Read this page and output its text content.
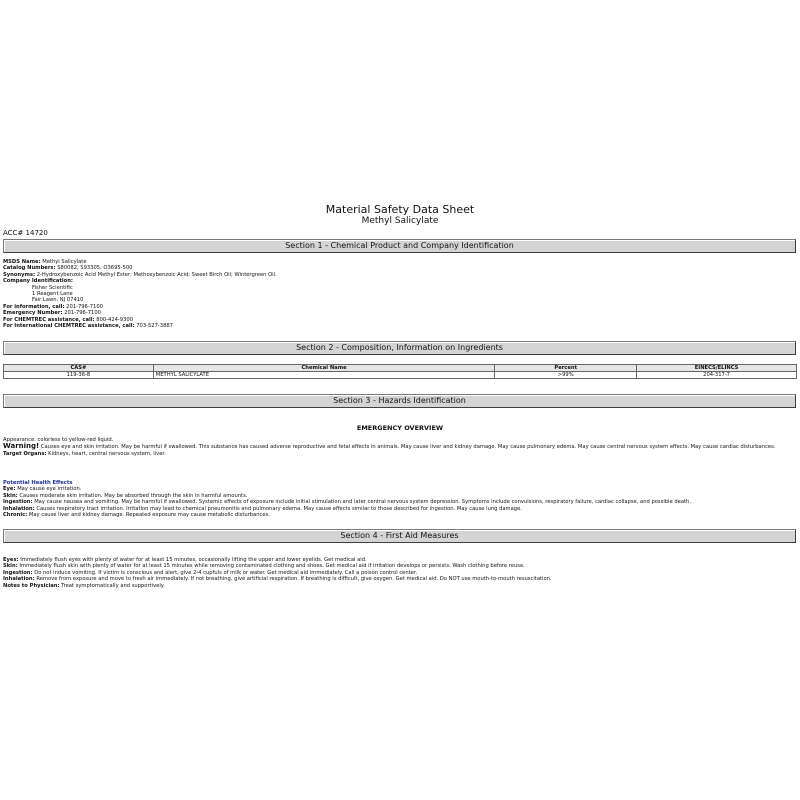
Material Safety Data Sheet
Methyl Salicylate
ACC# 14720
Section 1 - Chemical Product and Company Identification
MSDS Name: Methyl Salicylate
Catalog Numbers: S80082, S93305, O3695-500
Synonyms: 2-Hydroxybenzoic Acid Methyl Ester; Methoxybenzoic Acid; Sweet Birch Oil; Wintergreen Oil.
Company Identification:
Fisher Scientific
1 Reagent Lane
Fair Lawn, NJ 07410
For information, call: 201-796-7100
Emergency Number: 201-796-7100
For CHEMTREC assistance, call: 800-424-9300
For International CHEMTREC assistance, call: 703-527-3887
Section 2 - Composition, Information on Ingredients
CAS#	Chemical Name	Percent	EINECS/ELINCS
119-36-8	METHYL SALICYLATE	>99%	204-317-7
Section 3 - Hazards Identification
EMERGENCY OVERVIEW
Appearance: colorless to yellow-red liquid.
Warning! Causes eye and skin irritation. May be harmful if swallowed. This substance has caused adverse reproductive and fetal effects in animals. May cause liver and kidney damage. May cause pulmonary edema. May cause central nervous system effects. May cause cardiac disturbances.
Target Organs: Kidneys, heart, central nervous system, liver.
Potential Health Effects
Eye: May cause eye irritation.
Skin: Causes moderate skin irritation. May be absorbed through the skin in harmful amounts.
Ingestion: May cause nausea and vomiting. May be harmful if swallowed. Systemic effects of exposure include initial stimulation and later central nervous system depression. Symptoms include convulsions, respiratory failure, cardiac collapse, and possible death.
Inhalation: Causes respiratory tract irritation. Irritation may lead to chemical pneumonitis and pulmonary edema. May cause effects similar to those described for ingestion. May cause lung damage.
Chronic: May cause liver and kidney damage. Repeated exposure may cause metabolic disturbances.
Section 4 - First Aid Measures
Eyes: Immediately flush eyes with plenty of water for at least 15 minutes, occasionally lifting the upper and lower eyelids. Get medical aid.
Skin: Immediately flush skin with plenty of water for at least 15 minutes while removing contaminated clothing and shoes. Get medical aid if irritation develops or persists. Wash clothing before reuse.
Ingestion: Do not induce vomiting. If victim is conscious and alert, give 2-4 cupfuls of milk or water. Get medical aid immediately. Call a poison control center.
Inhalation: Remove from exposure and move to fresh air immediately. If not breathing, give artificial respiration. If breathing is difficult, give oxygen. Get medical aid. Do NOT use mouth-to-mouth resuscitation.
Notes to Physician: Treat symptomatically and supportively.
